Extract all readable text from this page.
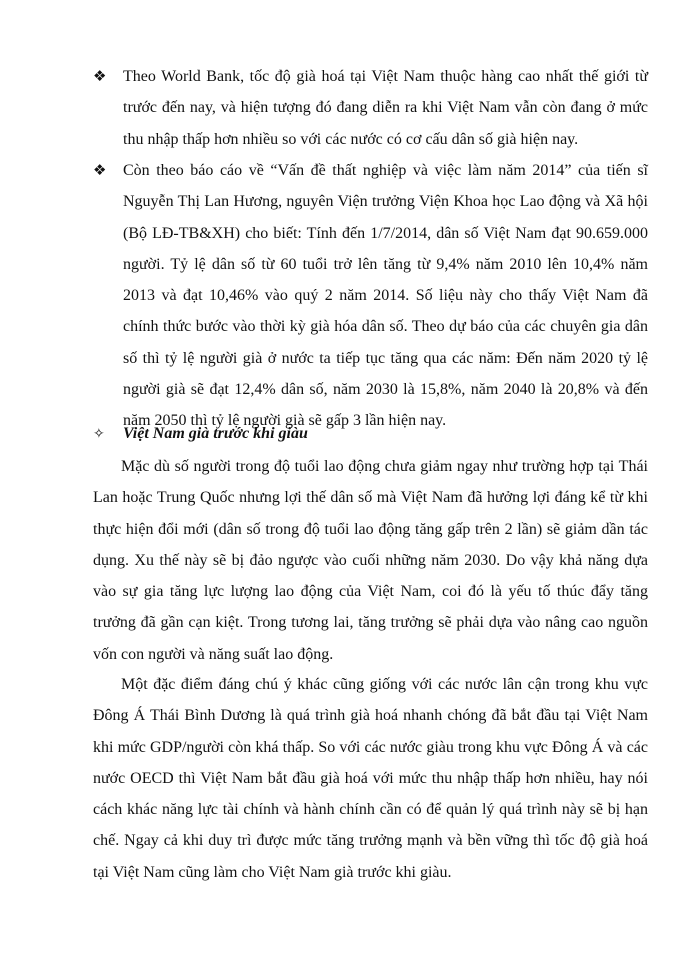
❖ Theo World Bank, tốc độ già hoá tại Việt Nam thuộc hàng cao nhất thế giới từ trước đến nay, và hiện tượng đó đang diễn ra khi Việt Nam vẫn còn đang ở mức thu nhập thấp hơn nhiều so với các nước có cơ cấu dân số già hiện nay.
❖ Còn theo báo cáo về “Vấn đề thất nghiệp và việc làm năm 2014” của tiến sĩ Nguyễn Thị Lan Hương, nguyên Viện trưởng Viện Khoa học Lao động và Xã hội (Bộ LĐ-TB&XH) cho biết: Tính đến 1/7/2014, dân số Việt Nam đạt 90.659.000 người. Tỷ lệ dân số từ 60 tuổi trở lên tăng từ 9,4% năm 2010 lên 10,4% năm 2013 và đạt 10,46% vào quý 2 năm 2014. Số liệu này cho thấy Việt Nam đã chính thức bước vào thời kỳ già hóa dân số. Theo dự báo của các chuyên gia dân số thì tỷ lệ người già ở nước ta tiếp tục tăng qua các năm: Đến năm 2020 tỷ lệ người già sẽ đạt 12,4% dân số, năm 2030 là 15,8%, năm 2040 là 20,8% và đến năm 2050 thì tỷ lệ người già sẽ gấp 3 lần hiện nay.
✧ Việt Nam già trước khi giàu

Mặc dù số người trong độ tuổi lao động chưa giảm ngay như trường hợp tại Thái Lan hoặc Trung Quốc nhưng lợi thế dân số mà Việt Nam đã hưởng lợi đáng kể từ khi thực hiện đổi mới (dân số trong độ tuổi lao động tăng gấp trên 2 lần) sẽ giảm dần tác dụng. Xu thế này sẽ bị đảo ngược vào cuối những năm 2030. Do vậy khả năng dựa vào sự gia tăng lực lượng lao động của Việt Nam, coi đó là yếu tố thúc đẩy tăng trưởng đã gần cạn kiệt. Trong tương lai, tăng trưởng sẽ phải dựa vào nâng cao nguồn vốn con người và năng suất lao động.

Một đặc điểm đáng chú ý khác cũng giống với các nước lân cận trong khu vực Đông Á Thái Bình Dương là quá trình già hoá nhanh chóng đã bắt đầu tại Việt Nam khi mức GDP/người còn khá thấp. So với các nước giàu trong khu vực Đông Á và các nước OECD thì Việt Nam bắt đầu già hoá với mức thu nhập thấp hơn nhiều, hay nói cách khác năng lực tài chính và hành chính cần có để quản lý quá trình này sẽ bị hạn chế. Ngay cả khi duy trì được mức tăng trưởng mạnh và bền vững thì tốc độ già hoá tại Việt Nam cũng làm cho Việt Nam già trước khi giàu.
